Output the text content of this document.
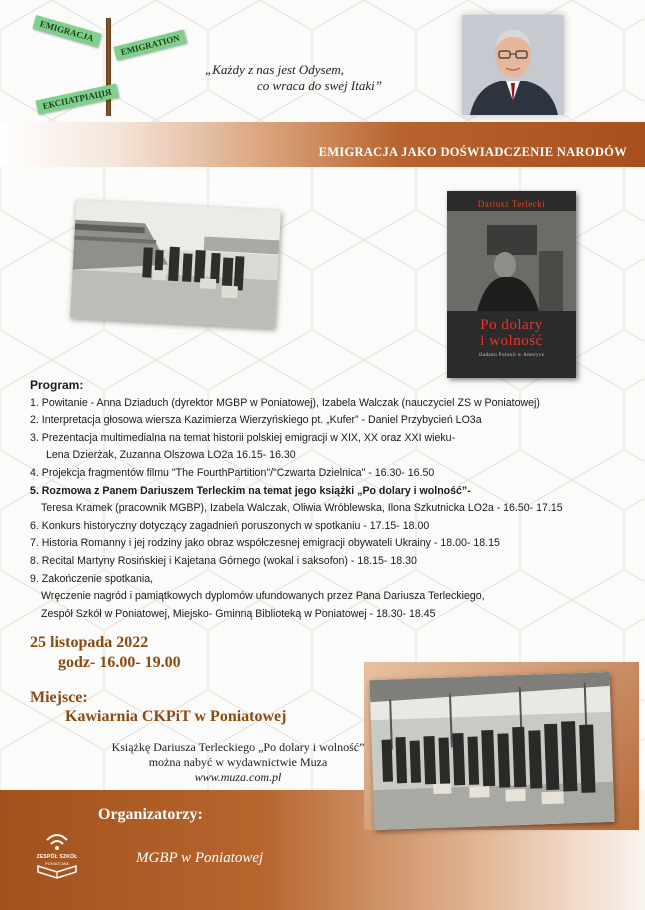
EMIGRACJA
EMIGRATION
ЕКСПАТРІАЦІЯ
„Każdy z nas jest Odysem,
co wraca do swej Itaki”
EMIGRACJA JAKO DOŚWIADCZENIE NARODÓW
Dariusz Terlecki
Po dolary
i wolność
śladami Polonii w Ameryce
Program:
1. Powitanie - Anna Dziaduch (dyrektor MGBP w Poniatowej), Izabela Walczak (nauczyciel ZS w Poniatowej)
2. Interpretacja głosowa wiersza Kazimierza Wierzyńskiego pt. „Kufer” - Daniel Przybycień LO3a
3. Prezentacja multimedialna na temat historii polskiej emigracji w XIX, XX oraz XXI wieku-
Lena Dzierżak, Zuzanna Olszowa LO2a 16.15- 16.30
4. Projekcja fragmentów filmu "The FourthPartition"/"Czwarta Dzielnica" - 16.30- 16.50
5. Rozmowa z Panem Dariuszem Terleckim na temat jego książki „Po dolary i wolność”-
Teresa Kramek (pracownik MGBP), Izabela Walczak, Oliwia Wróblewska, Ilona Szkutnicka LO2a - 16.50- 17.15
6. Konkurs historyczny dotyczący zagadnień poruszonych w spotkaniu - 17.15- 18.00
7. Historia Romanny i jej rodziny jako obraz współczesnej emigracji obywateli Ukrainy - 18.00- 18.15
8. Recital Martyny Rosińskiej i Kajetana Górnego (wokal i saksofon) - 18.15- 18.30
9. Zakończenie spotkania,
Wręczenie nagród i pamiątkowych dyplomów ufundowanych przez Pana Dariusza Terleckiego,
Zespół Szkół w Poniatowej, Miejsko- Gminną Biblioteką w Poniatowej - 18.30- 18.45
25 listopada 2022
godz- 16.00- 19.00
Miejsce:
Kawiarnia CKPiT w Poniatowej
Książkę Dariusza Terleckiego „Po dolary i wolność”
można nabyć w wydawnictwie Muza
www.muza.com.pl
Organizatorzy:
MGBP w Poniatowej
ZESPÓŁ SZKÓŁ
PONIATOWA
